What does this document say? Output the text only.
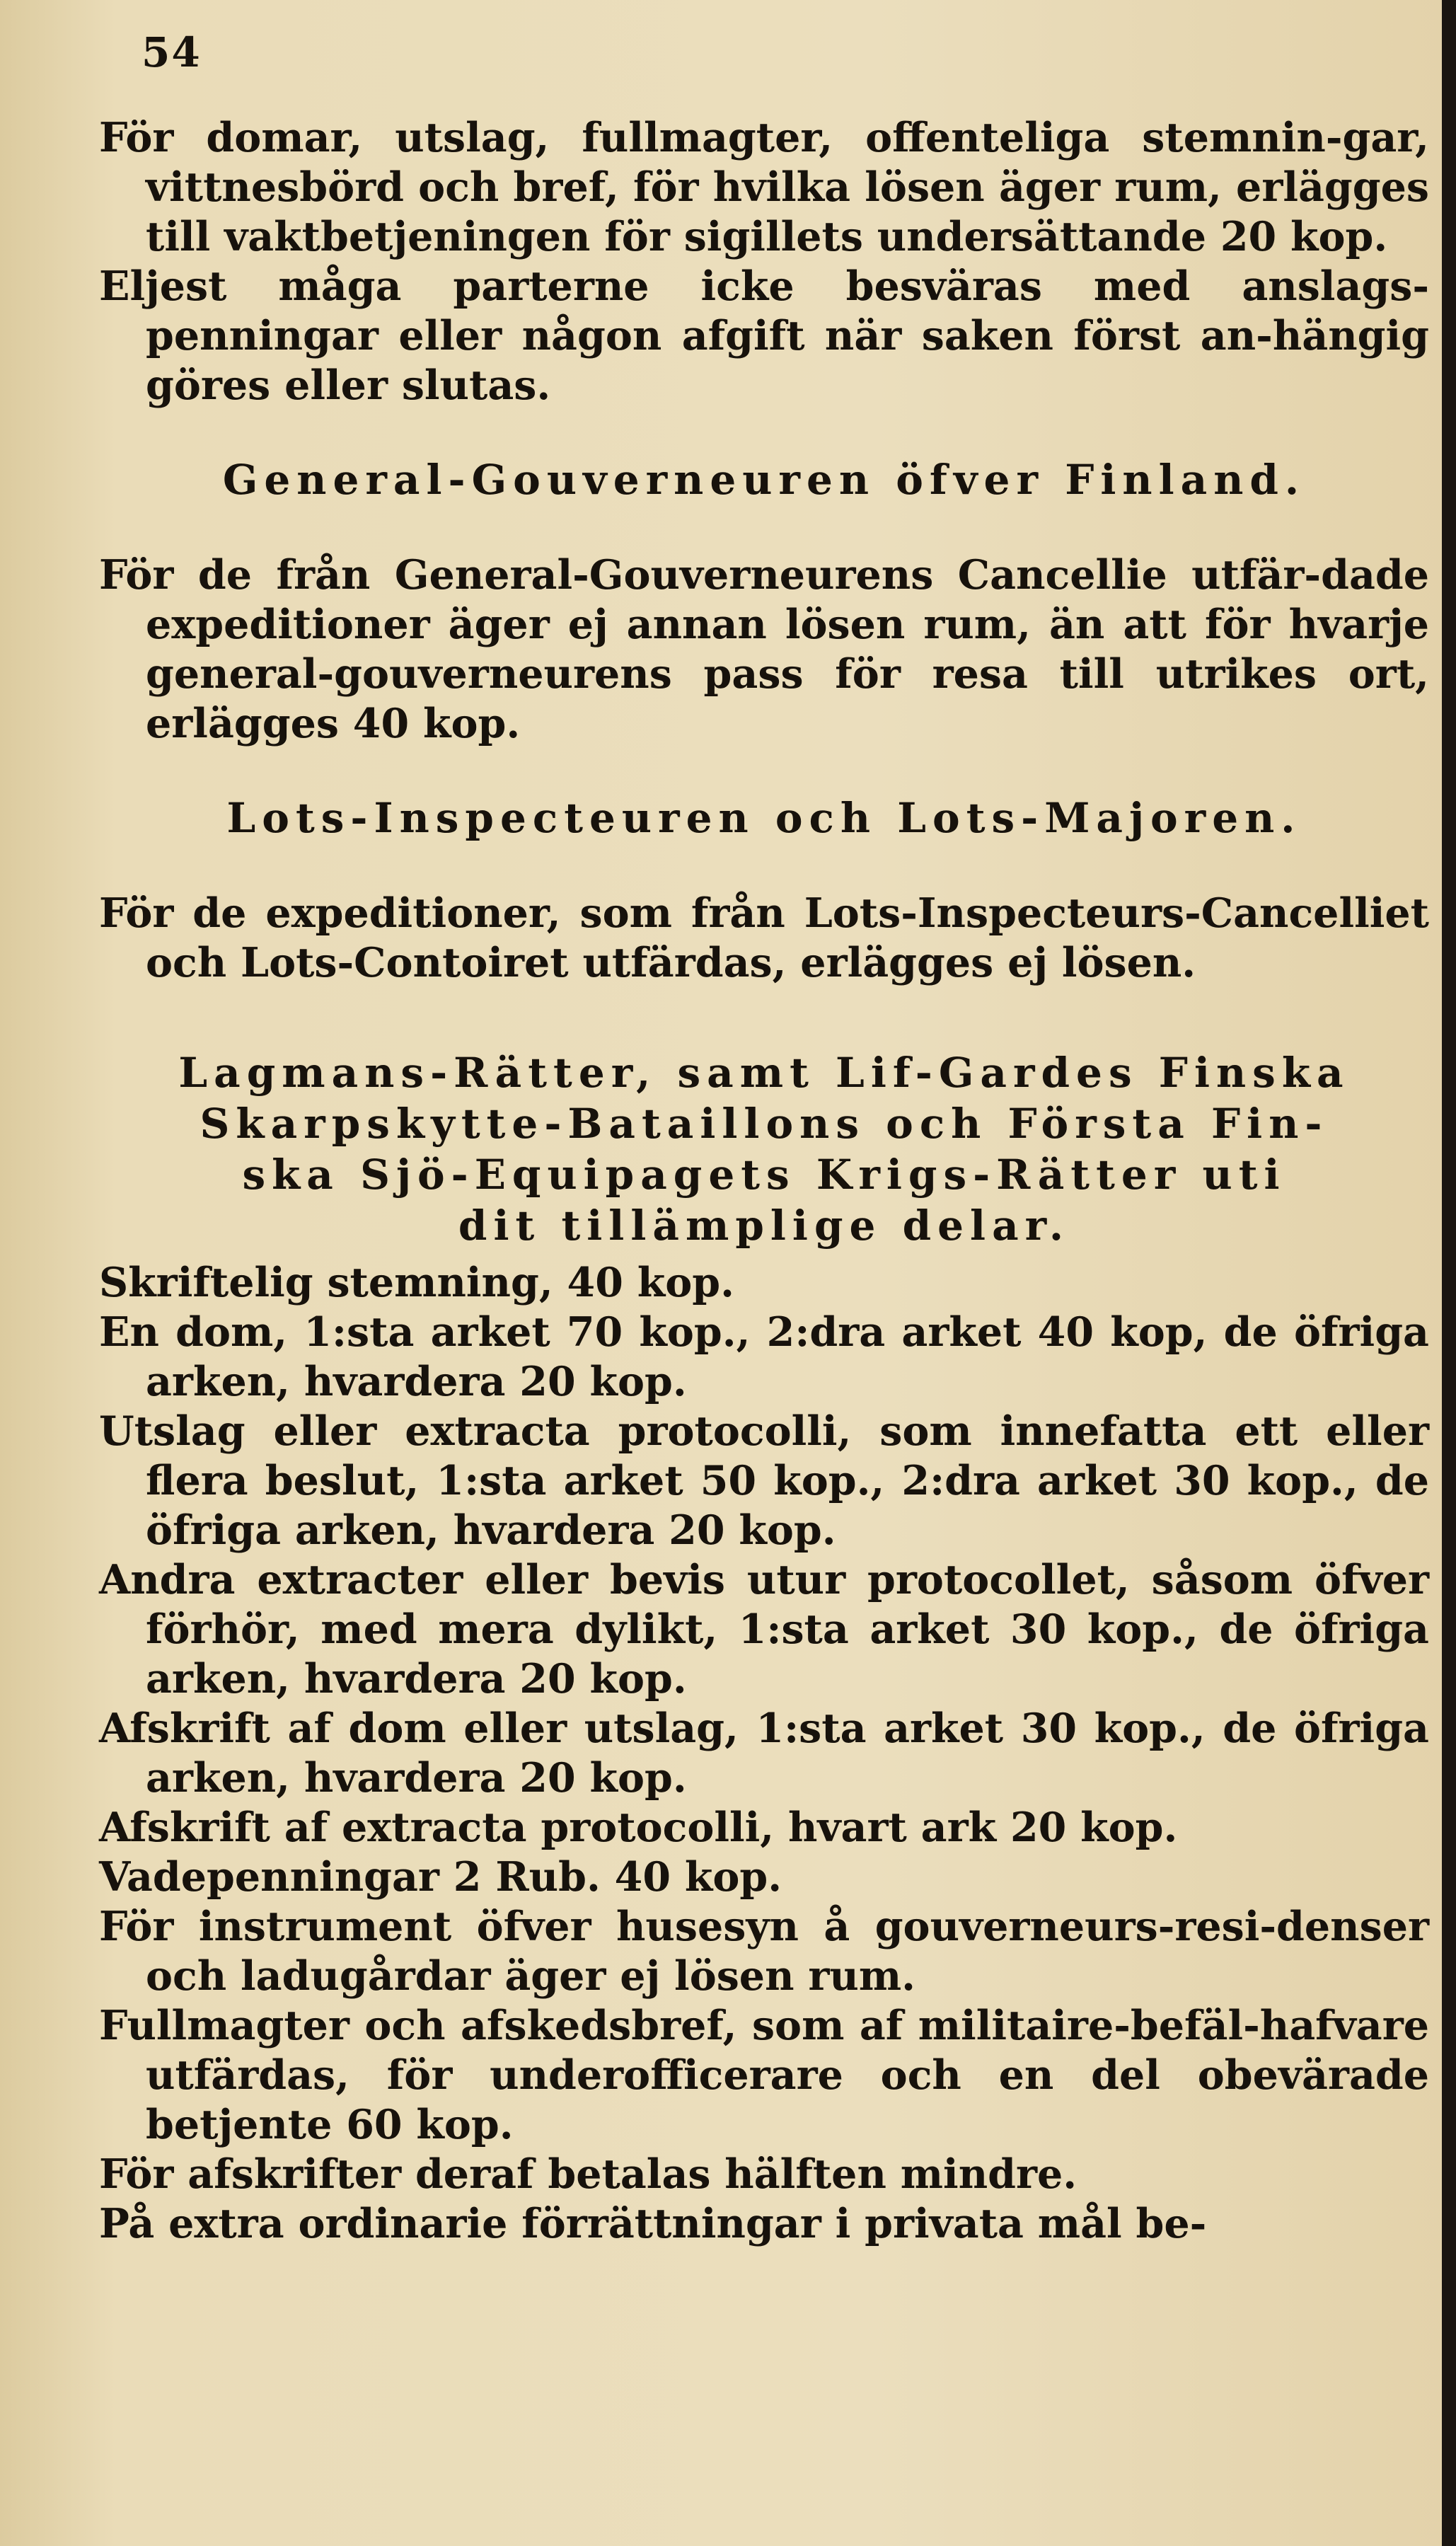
54

För domar, utslag, fullmagter, offenteliga stemnin-gar, vittnesbörd och bref, för hvilka lösen äger rum, erlägges till vaktbetjeningen för sigillets undersättande 20 kop.

Eljest måga parterne icke besväras med anslags-penningar eller någon afgift när saken först an-hängig göres eller slutas.

General-Gouverneuren öfver Finland.

För de från General-Gouverneurens Cancellie utfär-dade expeditioner äger ej annan lösen rum, än att för hvarje general-gouverneurens pass för resa till utrikes ort, erlägges 40 kop.

Lots-Inspecteuren och Lots-Majoren.

För de expeditioner, som från Lots-Inspecteurs-Cancelliet och Lots-Contoiret utfärdas, erlägges ej lösen.

Lagmans-Rätter, samt Lif-Gardes Finska
Skarpskytte-Bataillons och Första Fin-
ska Sjö-Equipagets Krigs-Rätter uti
dit tillämplige delar.

Skriftelig stemning, 40 kop.

En dom, 1:sta arket 70 kop., 2:dra arket 40 kop, de öfriga arken, hvardera 20 kop.

Utslag eller extracta protocolli, som innefatta ett eller flera beslut, 1:sta arket 50 kop., 2:dra arket 30 kop., de öfriga arken, hvardera 20 kop.

Andra extracter eller bevis utur protocollet, såsom öfver förhör, med mera dylikt, 1:sta arket 30 kop., de öfriga arken, hvardera 20 kop.

Afskrift af dom eller utslag, 1:sta arket 30 kop., de öfriga arken, hvardera 20 kop.

Afskrift af extracta protocolli, hvart ark 20 kop.

Vadepenningar 2 Rub. 40 kop.

För instrument öfver husesyn å gouverneurs-resi-denser och ladugårdar äger ej lösen rum.

Fullmagter och afskedsbref, som af militaire-befäl-hafvare utfärdas, för underofficerare och en del obevärade betjente 60 kop.

För afskrifter deraf betalas hälften mindre.

På extra ordinarie förrättningar i privata mål be-
